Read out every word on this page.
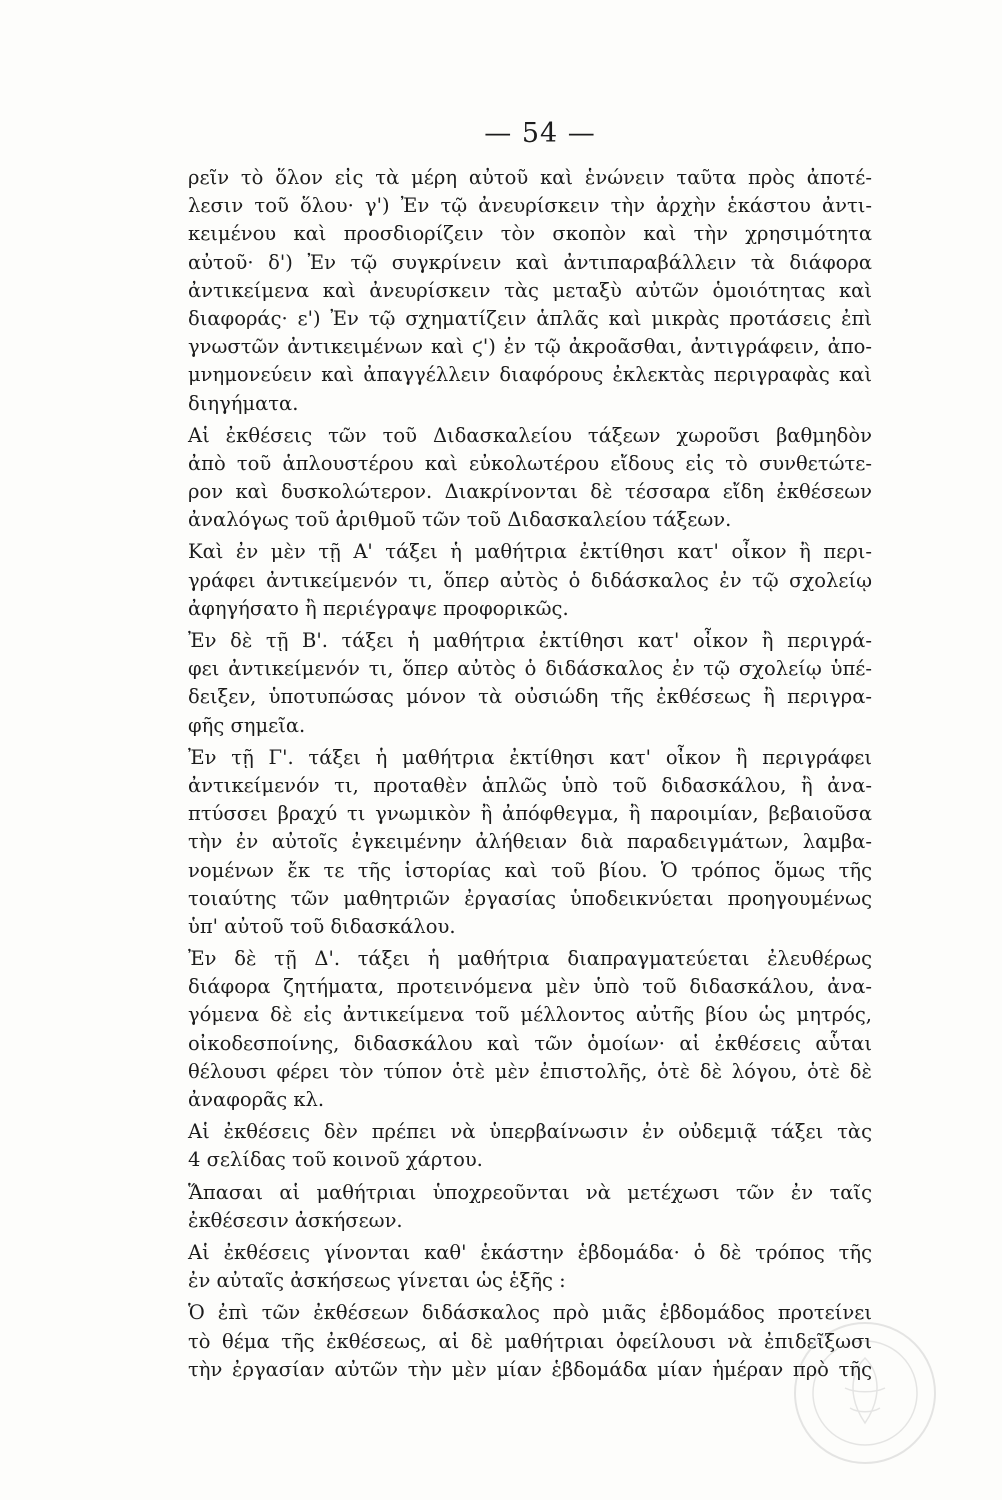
— 54 —
ρεῖν τὸ ὅλον εἰς τὰ μέρη αὐτοῦ καὶ ἑνώνειν ταῦτα πρὸς ἀποτέ-
λεσιν τοῦ ὅλου· γ') Ἐν τῷ ἀνευρίσκειν τὴν ἀρχὴν ἑκάστου ἀντι-
κειμένου καὶ προσδιορίζειν τὸν σκοπὸν καὶ τὴν χρησιμότητα
αὐτοῦ· δ') Ἐν τῷ συγκρίνειν καὶ ἀντιπαραβάλλειν τὰ διάφορα
ἀντικείμενα καὶ ἀνευρίσκειν τὰς μεταξὺ αὐτῶν ὁμοιότητας καὶ
διαφοράς· ε') Ἐν τῷ σχηματίζειν ἁπλᾶς καὶ μικρὰς προτάσεις ἐπὶ
γνωστῶν ἀντικειμένων καὶ ϛ') ἐν τῷ ἀκροᾶσθαι, ἀντιγράφειν, ἀπο-
μνημονεύειν καὶ ἀπαγγέλλειν διαφόρους ἐκλεκτὰς περιγραφὰς καὶ
διηγήματα.
Αἱ ἐκθέσεις τῶν τοῦ Διδασκαλείου τάξεων χωροῦσι βαθμηδὸν
ἀπὸ τοῦ ἁπλουστέρου καὶ εὐκολωτέρου εἴδους εἰς τὸ συνθετώτε-
ρον καὶ δυσκολώτερον. Διακρίνονται δὲ τέσσαρα εἴδη ἐκθέσεων
ἀναλόγως τοῦ ἀριθμοῦ τῶν τοῦ Διδασκαλείου τάξεων.
Καὶ ἐν μὲν τῇ Α' τάξει ἡ μαθήτρια ἐκτίθησι κατ' οἶκον ἢ περι-
γράφει ἀντικείμενόν τι, ὅπερ αὐτὸς ὁ διδάσκαλος ἐν τῷ σχολείῳ
ἀφηγήσατο ἢ περιέγραψε προφορικῶς.
Ἐν δὲ τῇ Β'. τάξει ἡ μαθήτρια ἐκτίθησι κατ' οἶκον ἢ περιγρά-
φει ἀντικείμενόν τι, ὅπερ αὐτὸς ὁ διδάσκαλος ἐν τῷ σχολείῳ ὑπέ-
δειξεν, ὑποτυπώσας μόνον τὰ οὐσιώδη τῆς ἐκθέσεως ἢ περιγρα-
φῆς σημεῖα.
Ἐν τῇ Γ'. τάξει ἡ μαθήτρια ἐκτίθησι κατ' οἶκον ἢ περιγράφει
ἀντικείμενόν τι, προταθὲν ἁπλῶς ὑπὸ τοῦ διδασκάλου, ἢ ἀνα-
πτύσσει βραχύ τι γνωμικὸν ἢ ἀπόφθεγμα, ἢ παροιμίαν, βεβαιοῦσα
τὴν ἐν αὐτοῖς ἐγκειμένην ἀλήθειαν διὰ παραδειγμάτων, λαμβα-
νομένων ἔκ τε τῆς ἱστορίας καὶ τοῦ βίου. Ὁ τρόπος ὅμως τῆς
τοιαύτης τῶν μαθητριῶν ἐργασίας ὑποδεικνύεται προηγουμένως
ὑπ' αὐτοῦ τοῦ διδασκάλου.
Ἐν δὲ τῇ Δ'. τάξει ἡ μαθήτρια διαπραγματεύεται ἐλευθέρως
διάφορα ζητήματα, προτεινόμενα μὲν ὑπὸ τοῦ διδασκάλου, ἀνα-
γόμενα δὲ εἰς ἀντικείμενα τοῦ μέλλοντος αὐτῆς βίου ὡς μητρός,
οἰκοδεσποίνης, διδασκάλου καὶ τῶν ὁμοίων· αἱ ἐκθέσεις αὗται
θέλουσι φέρει τὸν τύπον ὁτὲ μὲν ἐπιστολῆς, ὁτὲ δὲ λόγου, ὁτὲ δὲ
ἀναφορᾶς κλ.
Αἱ ἐκθέσεις δὲν πρέπει νὰ ὑπερβαίνωσιν ἐν οὐδεμιᾷ τάξει τὰς
4 σελίδας τοῦ κοινοῦ χάρτου.
Ἅπασαι αἱ μαθήτριαι ὑποχρεοῦνται νὰ μετέχωσι τῶν ἐν ταῖς
ἐκθέσεσιν ἀσκήσεων.
Αἱ ἐκθέσεις γίνονται καθ' ἑκάστην ἑβδομάδα· ὁ δὲ τρόπος τῆς
ἐν αὐταῖς ἀσκήσεως γίνεται ὡς ἑξῆς :
Ὁ ἐπὶ τῶν ἐκθέσεων διδάσκαλος πρὸ μιᾶς ἑβδομάδος προτείνει
τὸ θέμα τῆς ἐκθέσεως, αἱ δὲ μαθήτριαι ὀφείλουσι νὰ ἐπιδεῖξωσι
τὴν ἐργασίαν αὐτῶν τὴν μὲν μίαν ἑβδομάδα μίαν ἡμέραν πρὸ τῆς
